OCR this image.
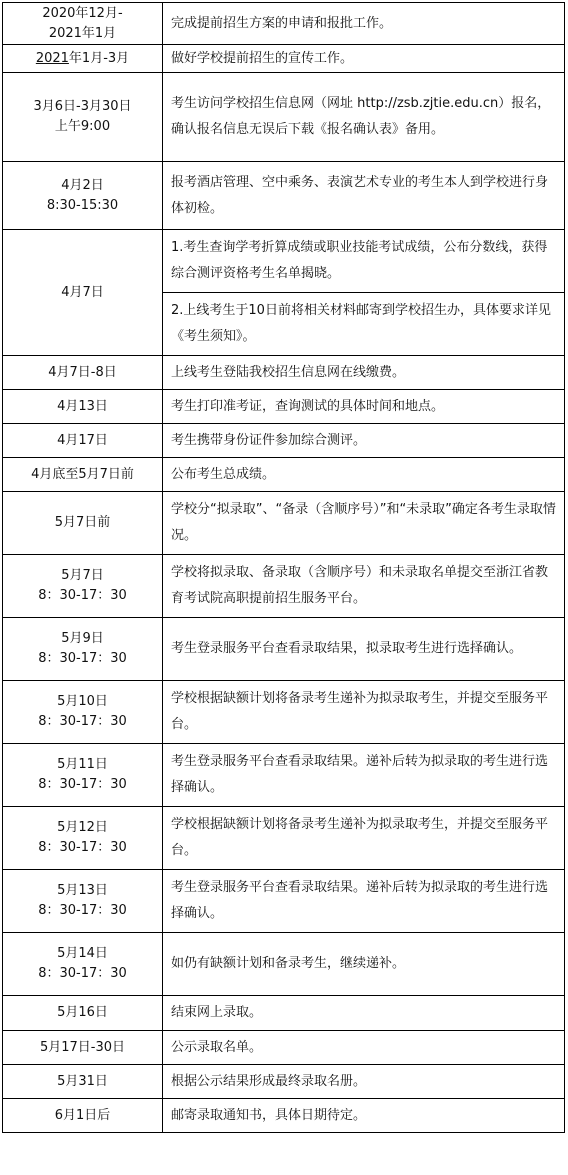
2020年12月-
2021年1月	完成提前招生方案的申请和报批工作。
2021年1月-3月	做好学校提前招生的宣传工作。
3月6日-3月30日
上午9:00	考生访问学校招生信息网（网址 http://zsb.zjtie.edu.cn）报名，确认报名信息无误后下载《报名确认表》备用。
4月2日
8:30-15:30	报考酒店管理、空中乘务、表演艺术专业的考生本人到学校进行身体初检。
4月7日	1.考生查询学考折算成绩或职业技能考试成绩，公布分数线，获得综合测评资格考生名单揭晓。
	2.上线考生于10日前将相关材料邮寄到学校招生办，具体要求详见《考生须知》。
4月7日-8日	上线考生登陆我校招生信息网在线缴费。
4月13日	考生打印准考证，查询测试的具体时间和地点。
4月17日	考生携带身份证件参加综合测评。
4月底至5月7日前	公布考生总成绩。
5月7日前	学校分“拟录取”、“备录（含顺序号）”和“未录取”确定各考生录取情况。
5月7日
8：30-17：30	学校将拟录取、备录取（含顺序号）和未录取名单提交至浙江省教育考试院高职提前招生服务平台。
5月9日
8：30-17：30	考生登录服务平台查看录取结果，拟录取考生进行选择确认。
5月10日
8：30-17：30	学校根据缺额计划将备录考生递补为拟录取考生，并提交至服务平台。
5月11日
8：30-17：30	考生登录服务平台查看录取结果。递补后转为拟录取的考生进行选择确认。
5月12日
8：30-17：30	学校根据缺额计划将备录考生递补为拟录取考生，并提交至服务平台。
5月13日
8：30-17：30	考生登录服务平台查看录取结果。递补后转为拟录取的考生进行选择确认。
5月14日
8：30-17：30	如仍有缺额计划和备录考生，继续递补。
5月16日	结束网上录取。
5月17日-30日	公示录取名单。
5月31日	根据公示结果形成最终录取名册。
6月1日后	邮寄录取通知书，具体日期待定。
